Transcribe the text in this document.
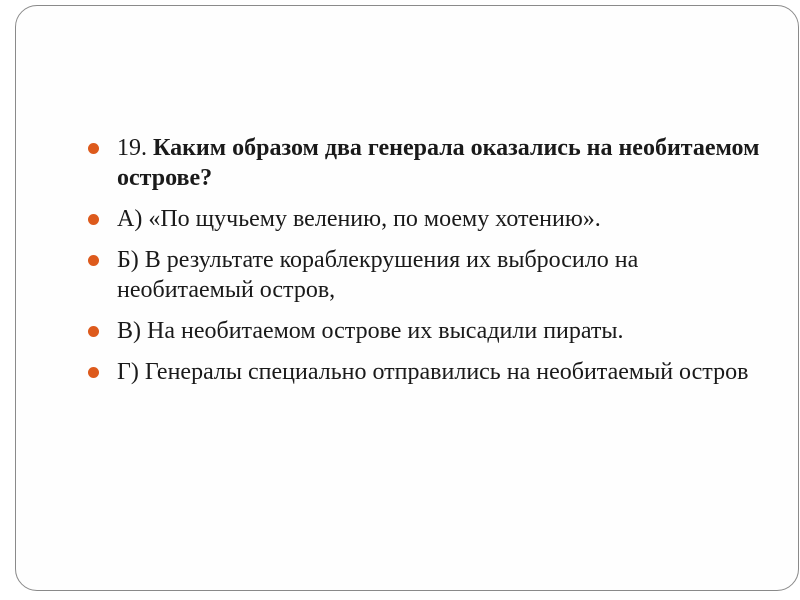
19. Каким образом два генерала оказались на необитаемом острове?
А) «По щучьему велению, по моему хотению».
Б) В результате кораблекрушения их выбросило на необитаемый остров,
В) На необитаемом острове их высадили пираты.
Г) Генералы специально отправились на необитаемый остров
